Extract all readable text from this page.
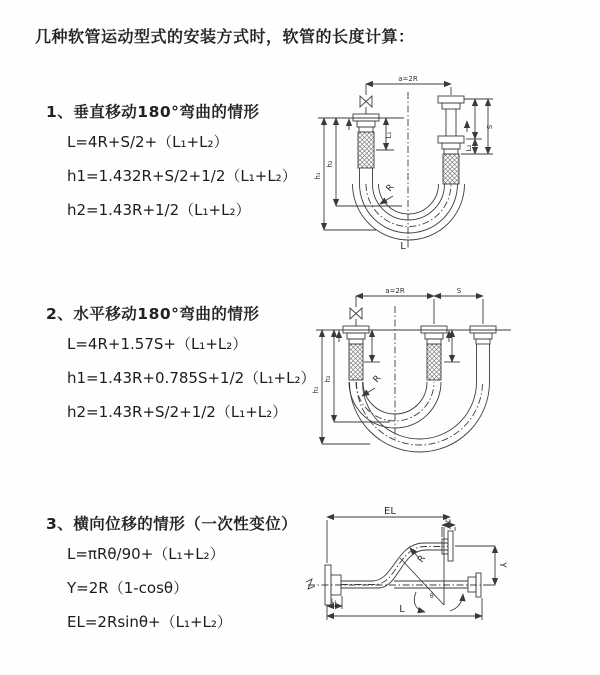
几种软管运动型式的安装方式时，软管的长度计算：
1、垂直移动180°弯曲的情形
L=4R+S/2+（L₁+L₂）
h1=1.432R+S/2+1/2（L₁+L₂）
h2=1.43R+1/2（L₁+L₂）
2、水平移动180°弯曲的情形
L=4R+1.57S+（L₁+L₂）
h1=1.43R+0.785S+1/2（L₁+L₂）
h2=1.43R+S/2+1/2（L₁+L₂）
3、横向位移的情形（一次性变位）
L=πRθ/90+（L₁+L₂）
Y=2R（1-cosθ）
EL=2Rsinθ+（L₁+L₂）
a=2R
S
L₂
L₁
h₁
h₂
R
L
a=2R	S
h₁
h₂	R
EL
L₂
Y
L
L₁
R
θ
